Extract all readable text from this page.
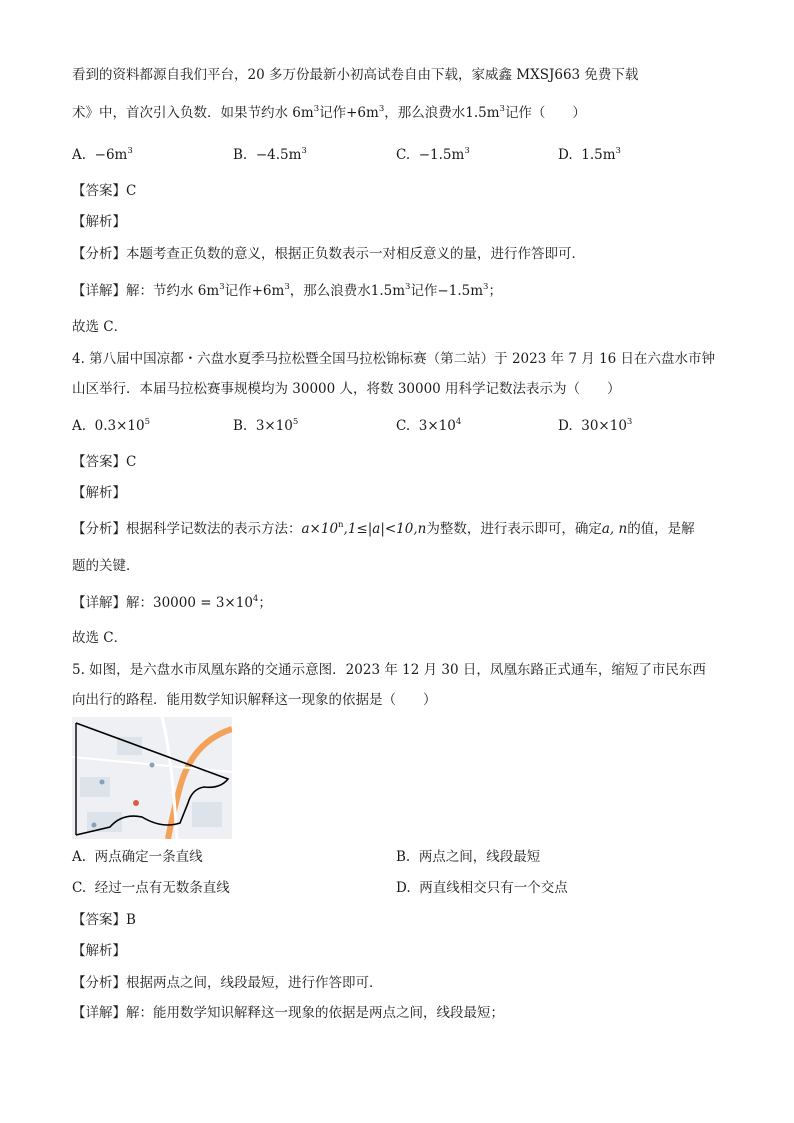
看到的资料都源自我们平台，20 多万份最新小初高试卷自由下载，家威鑫 MXSJ663 免费下载
术》中，首次引入负数．如果节约水 $6m^3$记作$+6m^3$，那么浪费水$1.5m^3$记作（　　）
A. $-6m^3$	B. $-4.5m^3$	C. $-1.5m^3$	D. $1.5m^3$
【答案】C
【解析】
【分析】本题考查正负数的意义，根据正负数表示一对相反意义的量，进行作答即可．
【详解】解：节约水 $6m^3$记作$+6m^3$，那么浪费水$1.5m^3$记作$-1.5m^3$；
故选 C．
4. 第八届中国凉都・六盘水夏季马拉松暨全国马拉松锦标赛（第二站）于 2023 年 7 月 16 日在六盘水市钟
山区举行．本届马拉松赛事规模均为 30000 人，将数 30000 用科学记数法表示为（　　）
A. $0.3\times 10^5$	B. $3\times 10^5$	C. $3\times 10^4$	D. $30\times 10^3$
【答案】C
【解析】
【分析】根据科学记数法的表示方法：$a\times 10^n,1\le|a|<10,n$为整数，进行表示即可，确定a, n的值，是解
题的关键．
【详解】解：$30000 = 3\times 10^4$；
故选 C．
5. 如图，是六盘水市凤凰东路的交通示意图．2023 年 12 月 30 日，凤凰东路正式通车，缩短了市民东西
向出行的路程．能用数学知识解释这一现象的依据是（　　）
A. 两点确定一条直线	B. 两点之间，线段最短
C. 经过一点有无数条直线	D. 两直线相交只有一个交点
【答案】B
【解析】
【分析】根据两点之间，线段最短，进行作答即可．
【详解】解：能用数学知识解释这一现象的依据是两点之间，线段最短；
